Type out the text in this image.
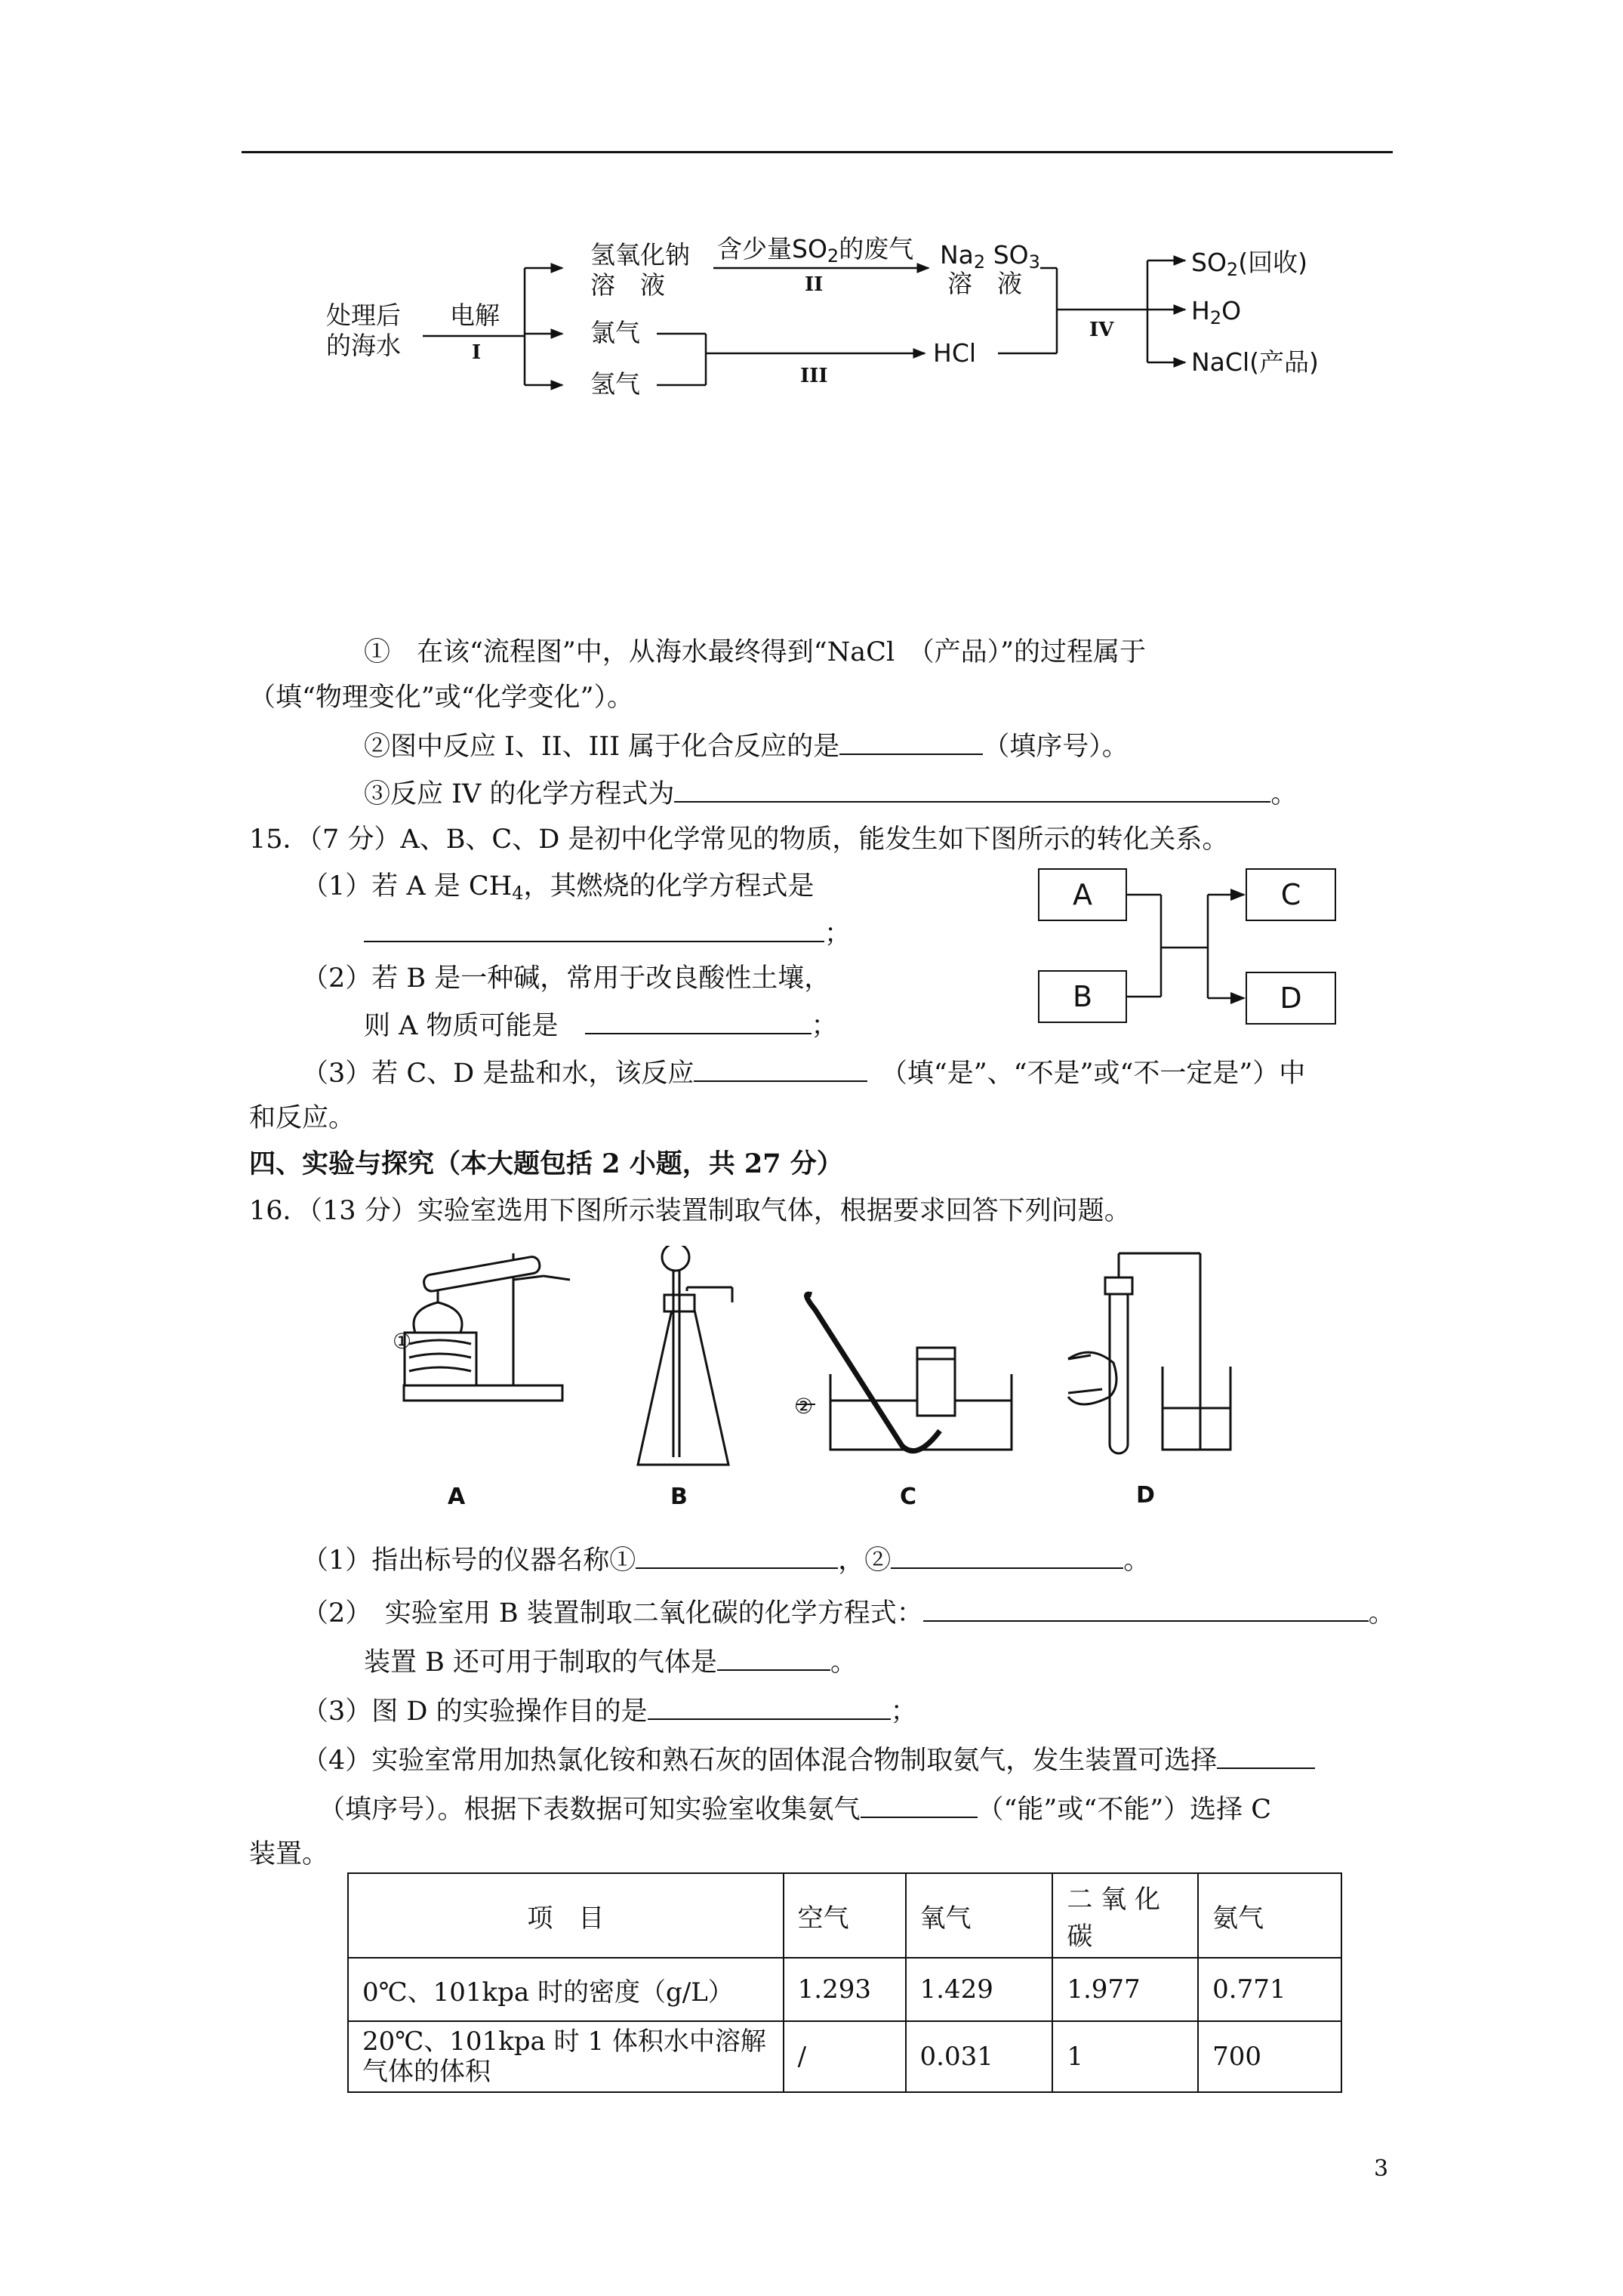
处理后
的海水
电解
I
氢氧化钠
溶　液
氯气
氢气
含少量$SO_2$的废气
II
$Na_2$ $SO_3$
溶　液
III
HCl
IV
$SO_2$(回收)
$H_2O$
NaCl(产品)
①　在该“流程图”中，从海水最终得到“NaCl　（产品）”的过程属于
（填“物理变化”或“化学变化”）。
②图中反应 I、II、III 属于化合反应的是	（填序号）。
③反应 IV 的化学方程式为	。
15．（7 分）A、B、C、D 是初中化学常见的物质，能发生如下图所示的转化关系。
（1）若 A 是 $CH_4$，其燃烧的化学方程式是
；
（2）若 B 是一种碱，常用于改良酸性土壤，
则 A 物质可能是　	；
（3）若 C、D 是盐和水，该反应　	（填“是”、“不是”或“不一定是”）中
和反应。
A
B
C
D
四、实验与探究（本大题包括 2 小题，共 27 分）
16．（13 分）实验室选用下图所示装置制取气体，根据要求回答下列问题。
①
②
A	B	C	D
（1）指出标号的仪器名称①	，②	。
（2）　实验室用 B 装置制取二氧化碳的化学方程式：	。
装置 B 还可用于制取的气体是	。
（3）图 D 的实验操作目的是	；
（4）实验室常用加热氯化铵和熟石灰的固体混合物制取氨气，发生装置可选择
（填序号）。根据下表数据可知实验室收集氨气	（“能”或“不能”）选择 C
装置。
项　目	空气	氧气	二 氧 化 碳	氨气
0℃、101kpa 时的密度（g/L）	1.293	1.429	1.977	0.771
20℃、101kpa 时 1 体积水中溶解气体的体积	/	0.031	1	700
3
